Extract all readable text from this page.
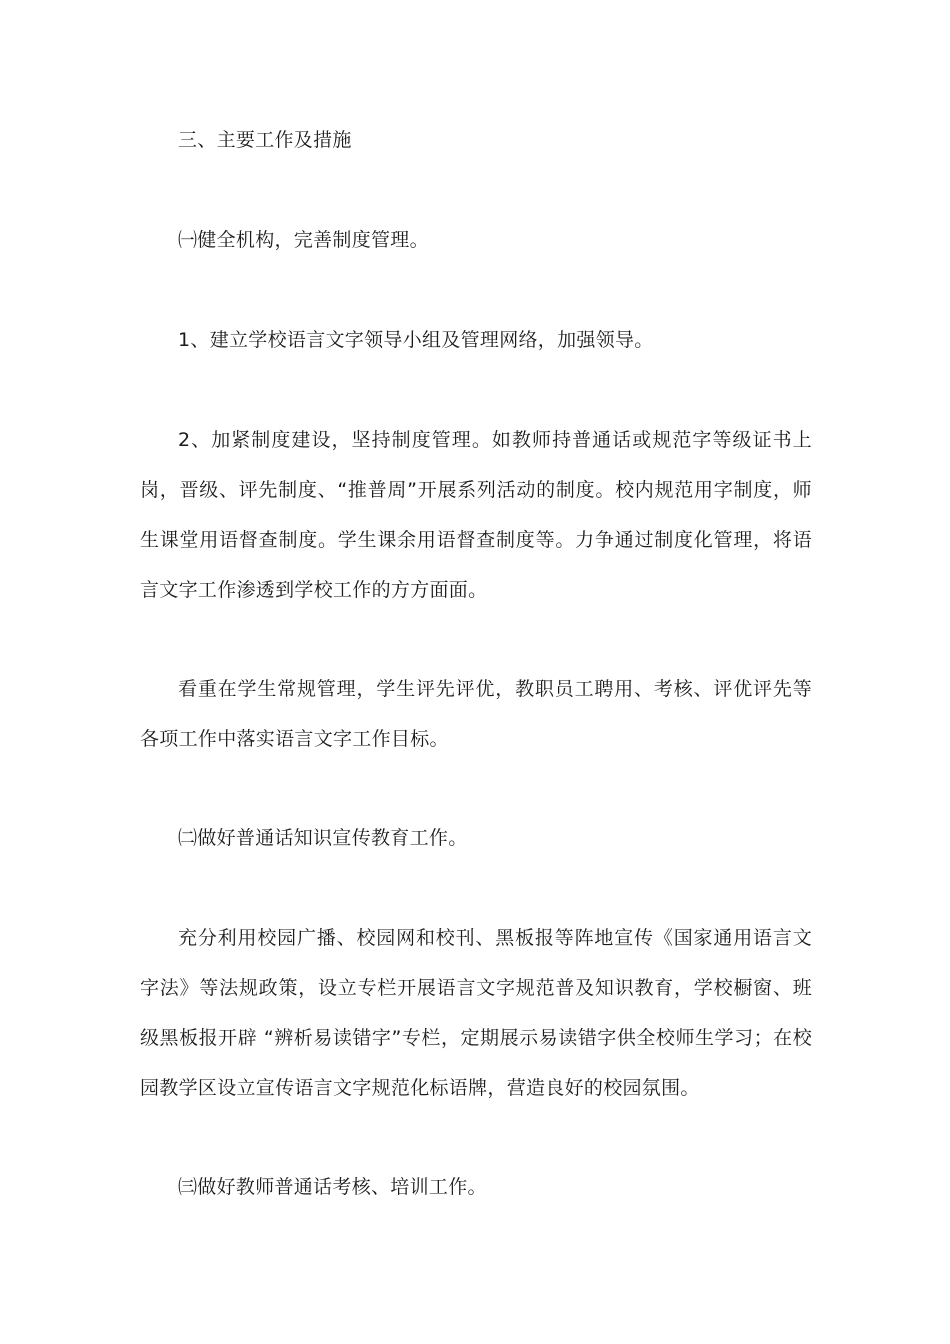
三、主要工作及措施

㈠健全机构，完善制度管理。

1、建立学校语言文字领导小组及管理网络，加强领导。

2、加紧制度建设，坚持制度管理。如教师持普通话或规范字等级证书上岗，晋级、评先制度、“推普周”开展系列活动的制度。校内规范用字制度，师生课堂用语督查制度。学生课余用语督查制度等。力争通过制度化管理，将语言文字工作渗透到学校工作的方方面面。

看重在学生常规管理，学生评先评优，教职员工聘用、考核、评优评先等各项工作中落实语言文字工作目标。

㈡做好普通话知识宣传教育工作。

充分利用校园广播、校园网和校刊、黑板报等阵地宣传《国家通用语言文字法》等法规政策，设立专栏开展语言文字规范普及知识教育，学校橱窗、班级黑板报开辟 “辨析易读错字”专栏，定期展示易读错字供全校师生学习；在校园教学区设立宣传语言文字规范化标语牌，营造良好的校园氛围。

㈢做好教师普通话考核、培训工作。
